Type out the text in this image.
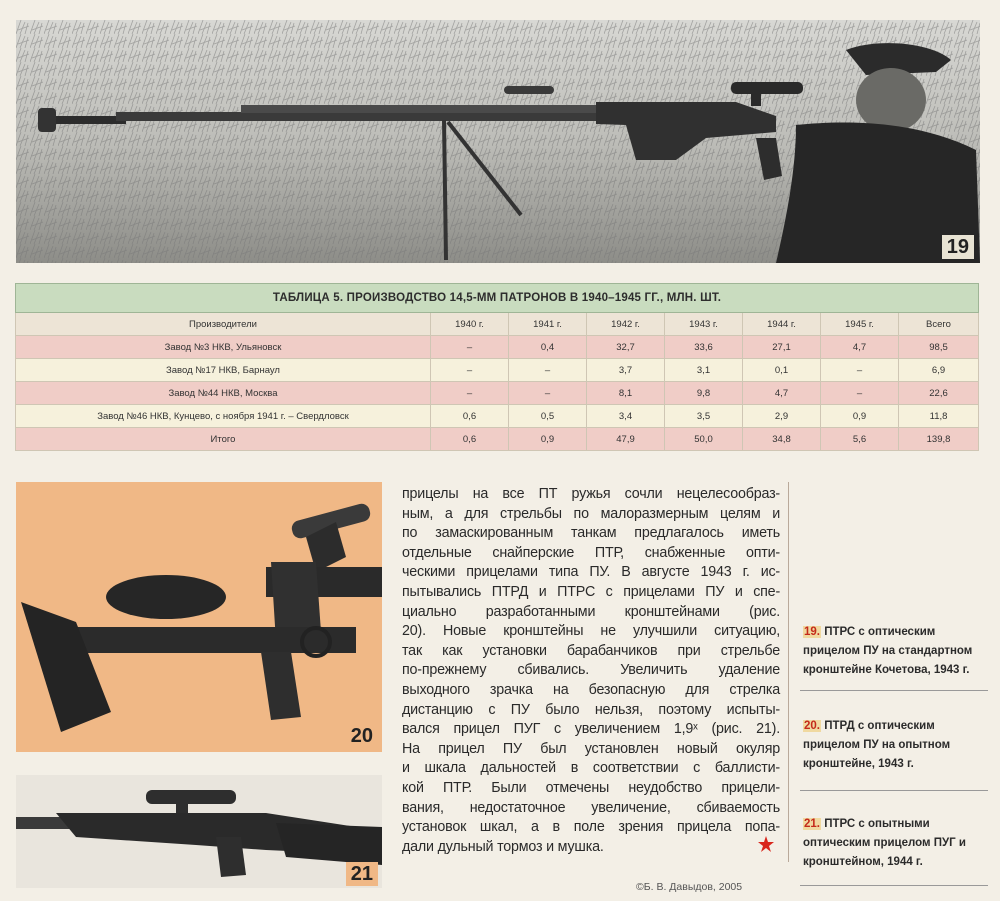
19
ТАБЛИЦА 5. ПРОИЗВОДСТВО 14,5-ММ ПАТРОНОВ В 1940–1945 ГГ., МЛН. ШТ.							
Производители	1940 г.	1941 г.	1942 г.	1943 г.	1944 г.	1945 г.	Всего
Завод №3 НКВ, Ульяновск	–	0,4	32,7	33,6	27,1	4,7	98,5
Завод №17 НКВ, Барнаул	–	–	3,7	3,1	0,1	–	6,9
Завод №44 НКВ, Москва	–	–	8,1	9,8	4,7	–	22,6
Завод №46 НКВ, Кунцево, с ноября 1941 г. – Свердловск	0,6	0,5	3,4	3,5	2,9	0,9	11,8
Итого	0,6	0,9	47,9	50,0	34,8	5,6	139,8
20
21
прицелы на все ПТ ружья сочли нецелесообраз-
ным, а для стрельбы по малоразмерным целям и
по замаскированным танкам предлагалось иметь
отдельные снайперские ПТР, снабженные опти-
ческими прицелами типа ПУ. В августе 1943 г. ис-
пытывались ПТРД и ПТРС с прицелами ПУ и спе-
циально разработанными кронштейнами (рис.
20). Новые кронштейны не улучшили ситуацию,
так как установки барабанчиков при стрельбе
по-прежнему сбивались. Увеличить удаление
выходного зрачка на безопасную для стрелка
дистанцию с ПУ было нельзя, поэтому испыты-
вался прицел ПУГ с увеличением 1,9ˣ (рис. 21).
На прицел ПУ был установлен новый окуляр
и шкала дальностей в соответствии с баллисти-
кой ПТР. Были отмечены неудобство прицели-
вания, недостаточное увеличение, сбиваемость
установок шкал, а в поле зрения прицела попа-
дали дульный тормоз и мушка.
19. ПТРС с оптическим прицелом ПУ на стандартном кронштейне Кочетова, 1943 г.
20. ПТРД с оптическим прицелом ПУ на опытном кронштейне, 1943 г.
21. ПТРС с опытными оптическим прицелом ПУГ и кронштейном, 1944 г.
©Б. В. Давыдов, 2005
